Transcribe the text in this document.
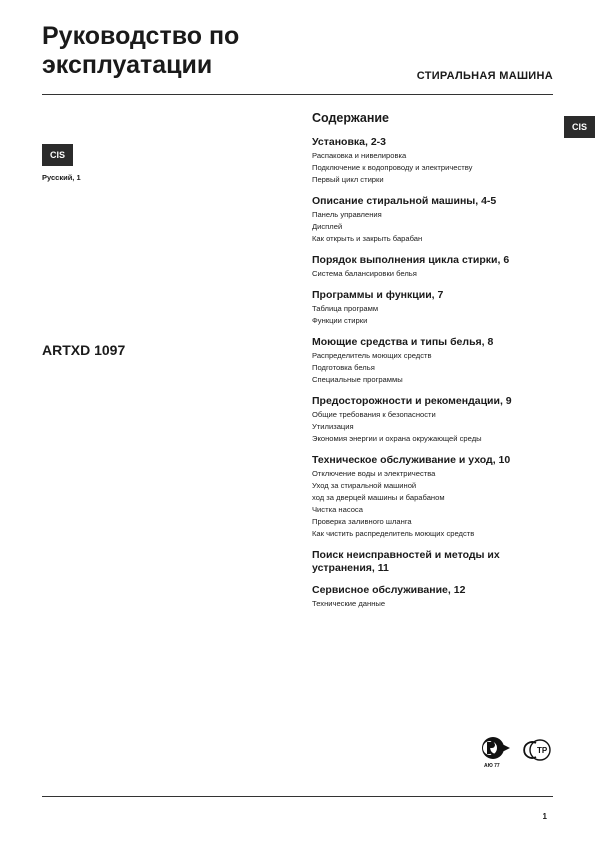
Руководство по эксплуатации	СТИРАЛЬНАЯ МАШИНА
CIS
CIS
Русский, 1
ARTXD 1097
Содержание
Установка, 2-3
Распаковка и нивелировка
Подключение к водопроводу и электричеству
Первый цикл стирки
Описание стиральной машины, 4-5
Панель управления
Дисплей
Как открыть и закрыть барабан
Порядок выполнения цикла стирки, 6
Система балансировки белья
Программы и функции, 7
Таблица программ
Функции стирки
Моющие средства и типы белья, 8
Распределитель моющих средств
Подготовка белья
Специальные программы
Предосторожности и рекомендации, 9
Общие требования к безопасности
Утилизация
Экономия энергии и охрана окружающей среды
Техническое обслуживание и уход, 10
Отключение воды и электричества
Уход за стиральной машиной
ход за дверцей машины и барабаном
Чистка насоса
Проверка заливного шланга
Как чистить распределитель моющих средств
Поиск неисправностей и методы их устранения, 11
Сервисное обслуживание, 12
Технические данные
АЮ 77
ТР
1
